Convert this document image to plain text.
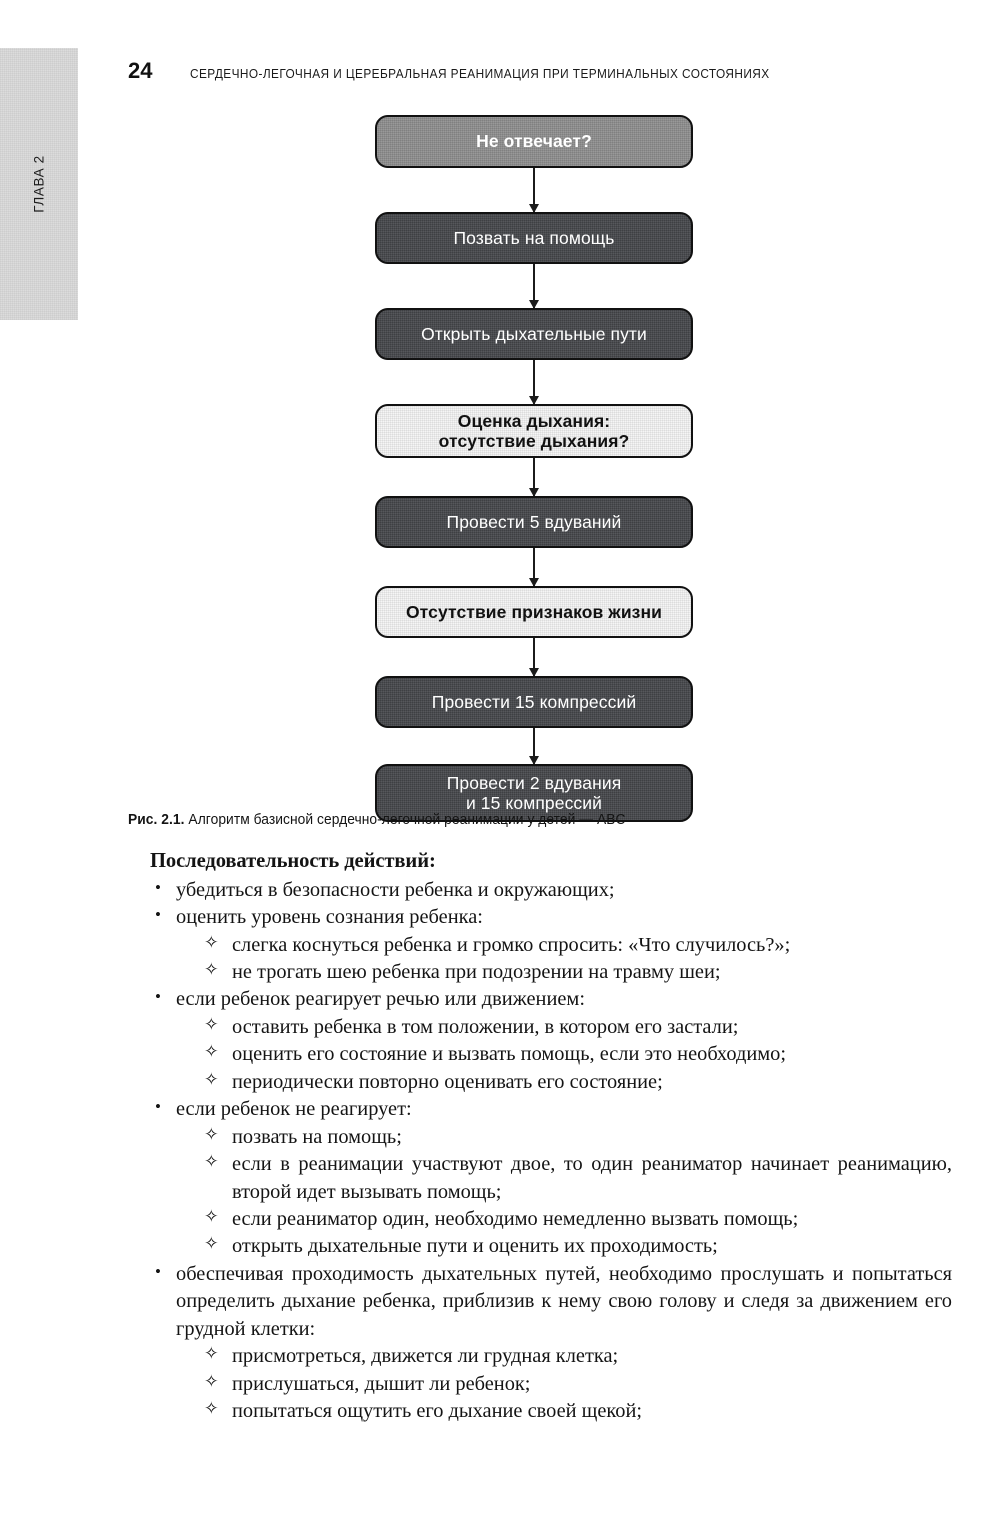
ГЛАВА 2
24	СЕРДЕЧНО-ЛЕГОЧНАЯ И ЦЕРЕБРАЛЬНАЯ РЕАНИМАЦИЯ ПРИ ТЕРМИНАЛЬНЫХ СОСТОЯНИЯХ
Не отвечает?
Позвать на помощь
Открыть дыхательные пути
Оценка дыхания:
отсутствие дыхания?
Провести 5 вдуваний
Отсутствие признаков жизни
Провести 15 компрессий
Провести 2 вдувания
и 15 компрессий
Рис. 2.1. Алгоритм базисной сердечно-легочной реанимации у детей — ABC

Последовательность действий:

• убедиться в безопасности ребенка и окружающих;
• оценить уровень сознания ребенка:
✧ слегка коснуться ребенка и громко спросить: «Что случилось?»;
✧ не трогать шею ребенка при подозрении на травму шеи;
• если ребенок реагирует речью или движением:
✧ оставить ребенка в том положении, в котором его застали;
✧ оценить его состояние и вызвать помощь, если это необходимо;
✧ периодически повторно оценивать его состояние;
• если ребенок не реагирует:
✧ позвать на помощь;
✧ если в реанимации участвуют двое, то один реаниматор начинает реанимацию, второй идет вызывать помощь;
✧ если реаниматор один, необходимо немедленно вызвать помощь;
✧ открыть дыхательные пути и оценить их проходимость;
• обеспечивая проходимость дыхательных путей, необходимо прослушать и попытаться определить дыхание ребенка, приблизив к нему свою голову и следя за движением его грудной клетки:
✧ присмотреться, движется ли грудная клетка;
✧ прислушаться, дышит ли ребенок;
✧ попытаться ощутить его дыхание своей щекой;
